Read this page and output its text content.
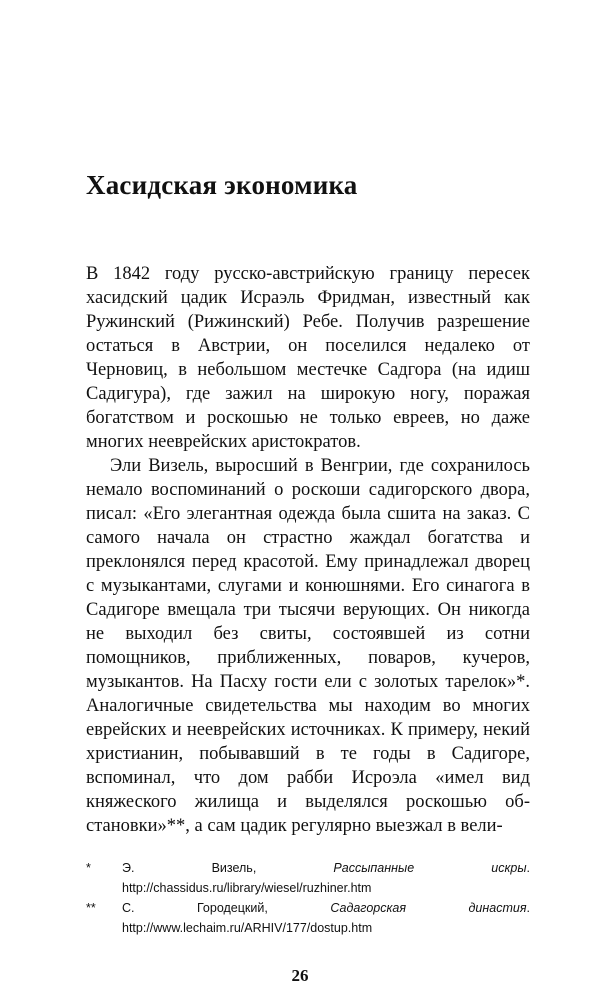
Хасидская экономика

В 1842 году русско-австрийскую границу пересек хасидский цадик Исраэль Фридман, известный как Ружинский (Рижинский) Ребе. Получив разрешение остаться в Австрии, он поселился недалеко от Черновиц, в небольшом местечке Садгора (на идиш Садигура), где зажил на широкую ногу, поражая богатством и роскошью не только евреев, но даже многих нееврейских аристократов.

Эли Визель, выросший в Венгрии, где сохранилось немало воспоминаний о роскоши садигорского двора, писал: «Его элегантная одежда была сшита на заказ. С самого начала он страстно жаждал богатства и преклонялся перед красотой. Ему принадлежал дворец с музыкантами, слугами и конюшнями. Его синагога в Садигоре вмещала три тысячи верующих. Он никогда не выходил без свиты, состоявшей из сотни помощников, приближенных, поваров, кучеров, музыкантов. На Пасху гости ели с золотых тарелок»*. Аналогичные свидетельства мы находим во многих еврейских и нееврейских источниках. К примеру, некий христианин, побывавший в те годы в Садигоре, вспоминал, что дом рабби Исроэла «имел вид княжеского жилища и выделялся роскошью обстановки»**, а сам цадик регулярно выезжал в вели-

* Э. Визель, Рассыпанные искры. http://chassidus.ru/library/wiesel/ruzhiner.htm

** С. Городецкий, Садагорская династия. http://www.lechaim.ru/ARHIV/177/dostup.htm

26
